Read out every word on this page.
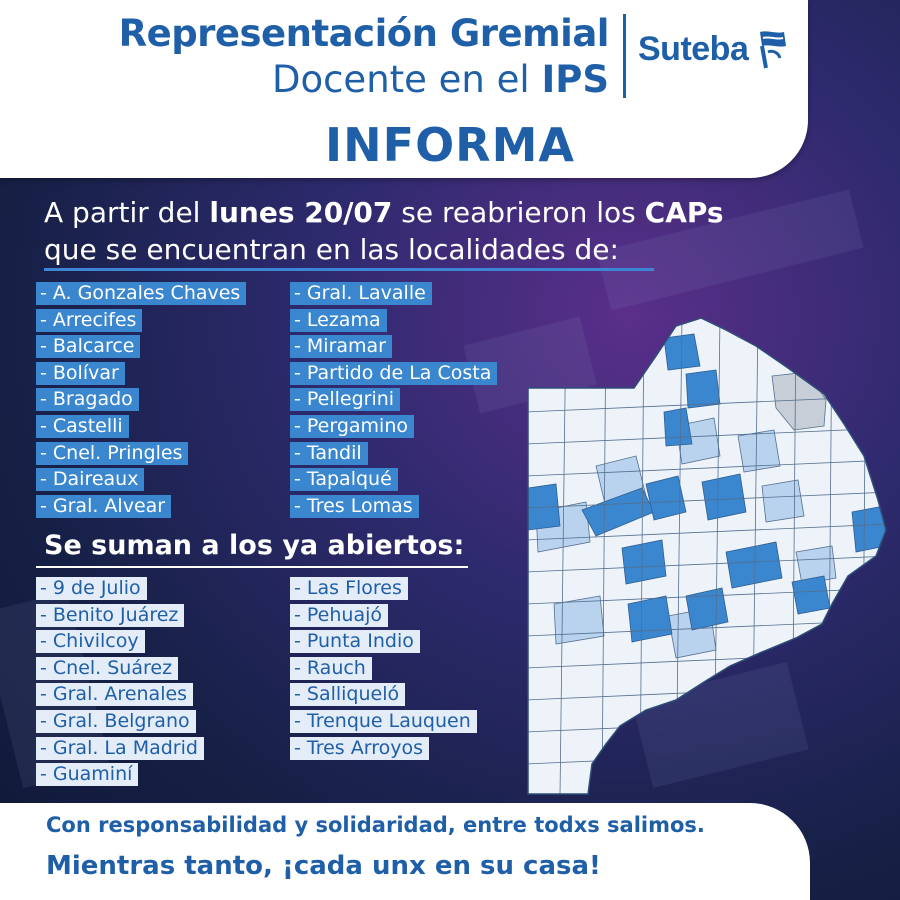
Representación Gremial
Docente en el IPS
INFORMA
Suteba
A partir del lunes 20/07 se reabrieron los CAPs
que se encuentran en las localidades de:
- A. Gonzales Chaves
- Arrecifes
- Balcarce
- Bolívar
- Bragado
- Castelli
- Cnel. Pringles
- Daireaux
- Gral. Alvear
- Gral. Lavalle
- Lezama
- Miramar
- Partido de La Costa
- Pellegrini
- Pergamino
- Tandil
- Tapalqué
- Tres Lomas
Se suman a los ya abiertos:
- 9 de Julio
- Benito Juárez
- Chivilcoy
- Cnel. Suárez
- Gral. Arenales
- Gral. Belgrano
- Gral. La Madrid
- Guaminí
- Las Flores
- Pehuajó
- Punta Indio
- Rauch
- Salliqueló
- Trenque Lauquen
- Tres Arroyos
Con responsabilidad y solidaridad, entre todxs salimos.
Mientras tanto, ¡cada unx en su casa!
